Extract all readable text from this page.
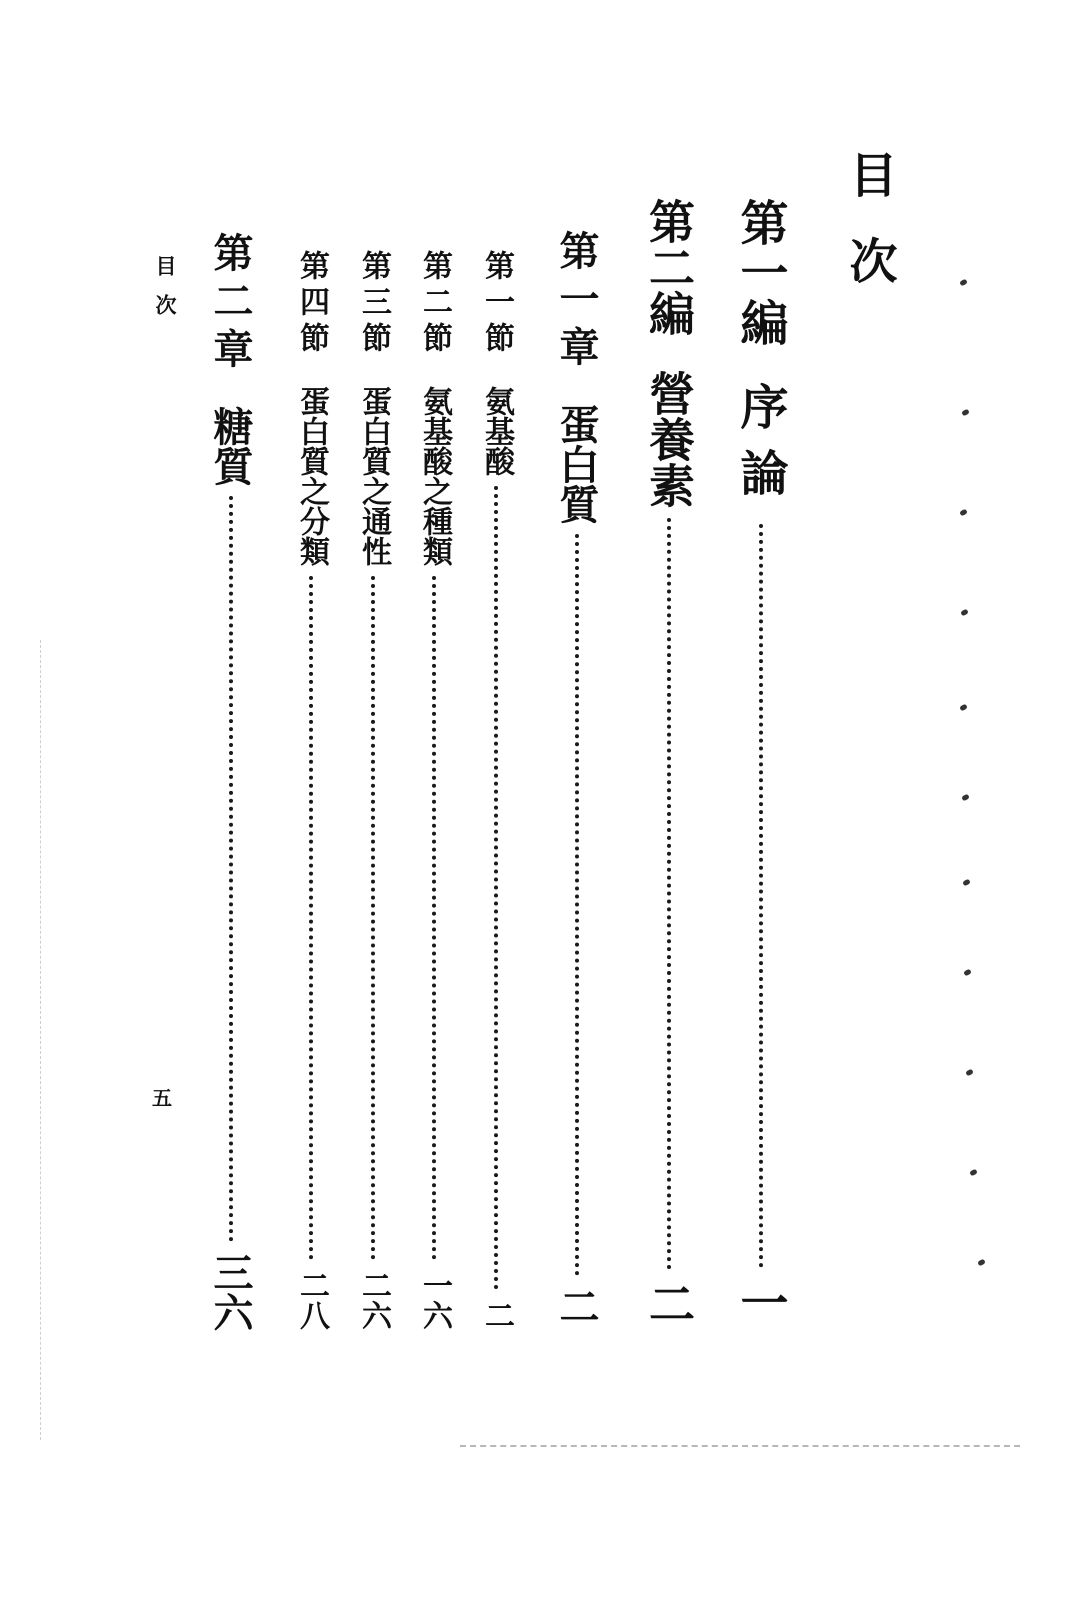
目次
第一編
序論
一
第二編
營養素
二
第一章
蛋白質
二
第一節
氨基酸
二
第二節
氨基酸之種類
一六
第三節
蛋白質之通性
二六
第四節
蛋白質之分類
二八
第二章
糖質
三六
目次
五
